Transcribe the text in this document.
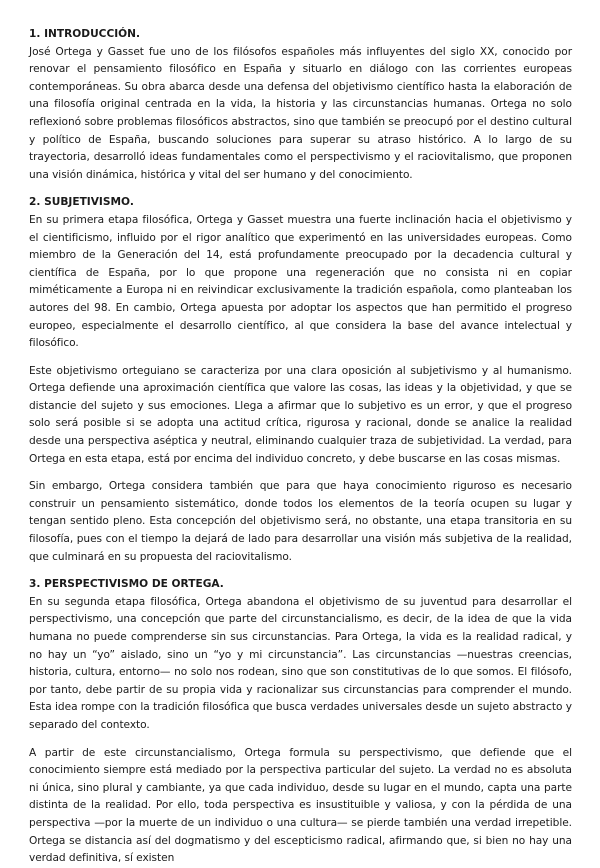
1. INTRODUCCIÓN.

José Ortega y Gasset fue uno de los filósofos españoles más influyentes del siglo XX, conocido por renovar el pensamiento filosófico en España y situarlo en diálogo con las corrientes europeas contemporáneas. Su obra abarca desde una defensa del objetivismo científico hasta la elaboración de una filosofía original centrada en la vida, la historia y las circunstancias humanas. Ortega no solo reflexionó sobre problemas filosóficos abstractos, sino que también se preocupó por el destino cultural y político de España, buscando soluciones para superar su atraso histórico. A lo largo de su trayectoria, desarrolló ideas fundamentales como el perspectivismo y el raciovitalismo, que proponen una visión dinámica, histórica y vital del ser humano y del conocimiento.

2. SUBJETIVISMO.

En su primera etapa filosófica, Ortega y Gasset muestra una fuerte inclinación hacia el objetivismo y el cientificismo, influido por el rigor analítico que experimentó en las universidades europeas. Como miembro de la Generación del 14, está profundamente preocupado por la decadencia cultural y científica de España, por lo que propone una regeneración que no consista ni en copiar miméticamente a Europa ni en reivindicar exclusivamente la tradición española, como planteaban los autores del 98. En cambio, Ortega apuesta por adoptar los aspectos que han permitido el progreso europeo, especialmente el desarrollo científico, al que considera la base del avance intelectual y filosófico.

Este objetivismo orteguiano se caracteriza por una clara oposición al subjetivismo y al humanismo. Ortega defiende una aproximación científica que valore las cosas, las ideas y la objetividad, y que se distancie del sujeto y sus emociones. Llega a afirmar que lo subjetivo es un error, y que el progreso solo será posible si se adopta una actitud crítica, rigurosa y racional, donde se analice la realidad desde una perspectiva aséptica y neutral, eliminando cualquier traza de subjetividad. La verdad, para Ortega en esta etapa, está por encima del individuo concreto, y debe buscarse en las cosas mismas.

Sin embargo, Ortega considera también que para que haya conocimiento riguroso es necesario construir un pensamiento sistemático, donde todos los elementos de la teoría ocupen su lugar y tengan sentido pleno. Esta concepción del objetivismo será, no obstante, una etapa transitoria en su filosofía, pues con el tiempo la dejará de lado para desarrollar una visión más subjetiva de la realidad, que culminará en su propuesta del raciovitalismo.

3. PERSPECTIVISMO DE ORTEGA.

En su segunda etapa filosófica, Ortega abandona el objetivismo de su juventud para desarrollar el perspectivismo, una concepción que parte del circunstancialismo, es decir, de la idea de que la vida humana no puede comprenderse sin sus circunstancias. Para Ortega, la vida es la realidad radical, y no hay un “yo” aislado, sino un “yo y mi circunstancia”. Las circunstancias —nuestras creencias, historia, cultura, entorno— no solo nos rodean, sino que son constitutivas de lo que somos. El filósofo, por tanto, debe partir de su propia vida y racionalizar sus circunstancias para comprender el mundo. Esta idea rompe con la tradición filosófica que busca verdades universales desde un sujeto abstracto y separado del contexto.

A partir de este circunstancialismo, Ortega formula su perspectivismo, que defiende que el conocimiento siempre está mediado por la perspectiva particular del sujeto. La verdad no es absoluta ni única, sino plural y cambiante, ya que cada individuo, desde su lugar en el mundo, capta una parte distinta de la realidad. Por ello, toda perspectiva es insustituible y valiosa, y con la pérdida de una perspectiva —por la muerte de un individuo o una cultura— se pierde también una verdad irrepetible. Ortega se distancia así del dogmatismo y del escepticismo radical, afirmando que, si bien no hay una verdad definitiva, sí existen
